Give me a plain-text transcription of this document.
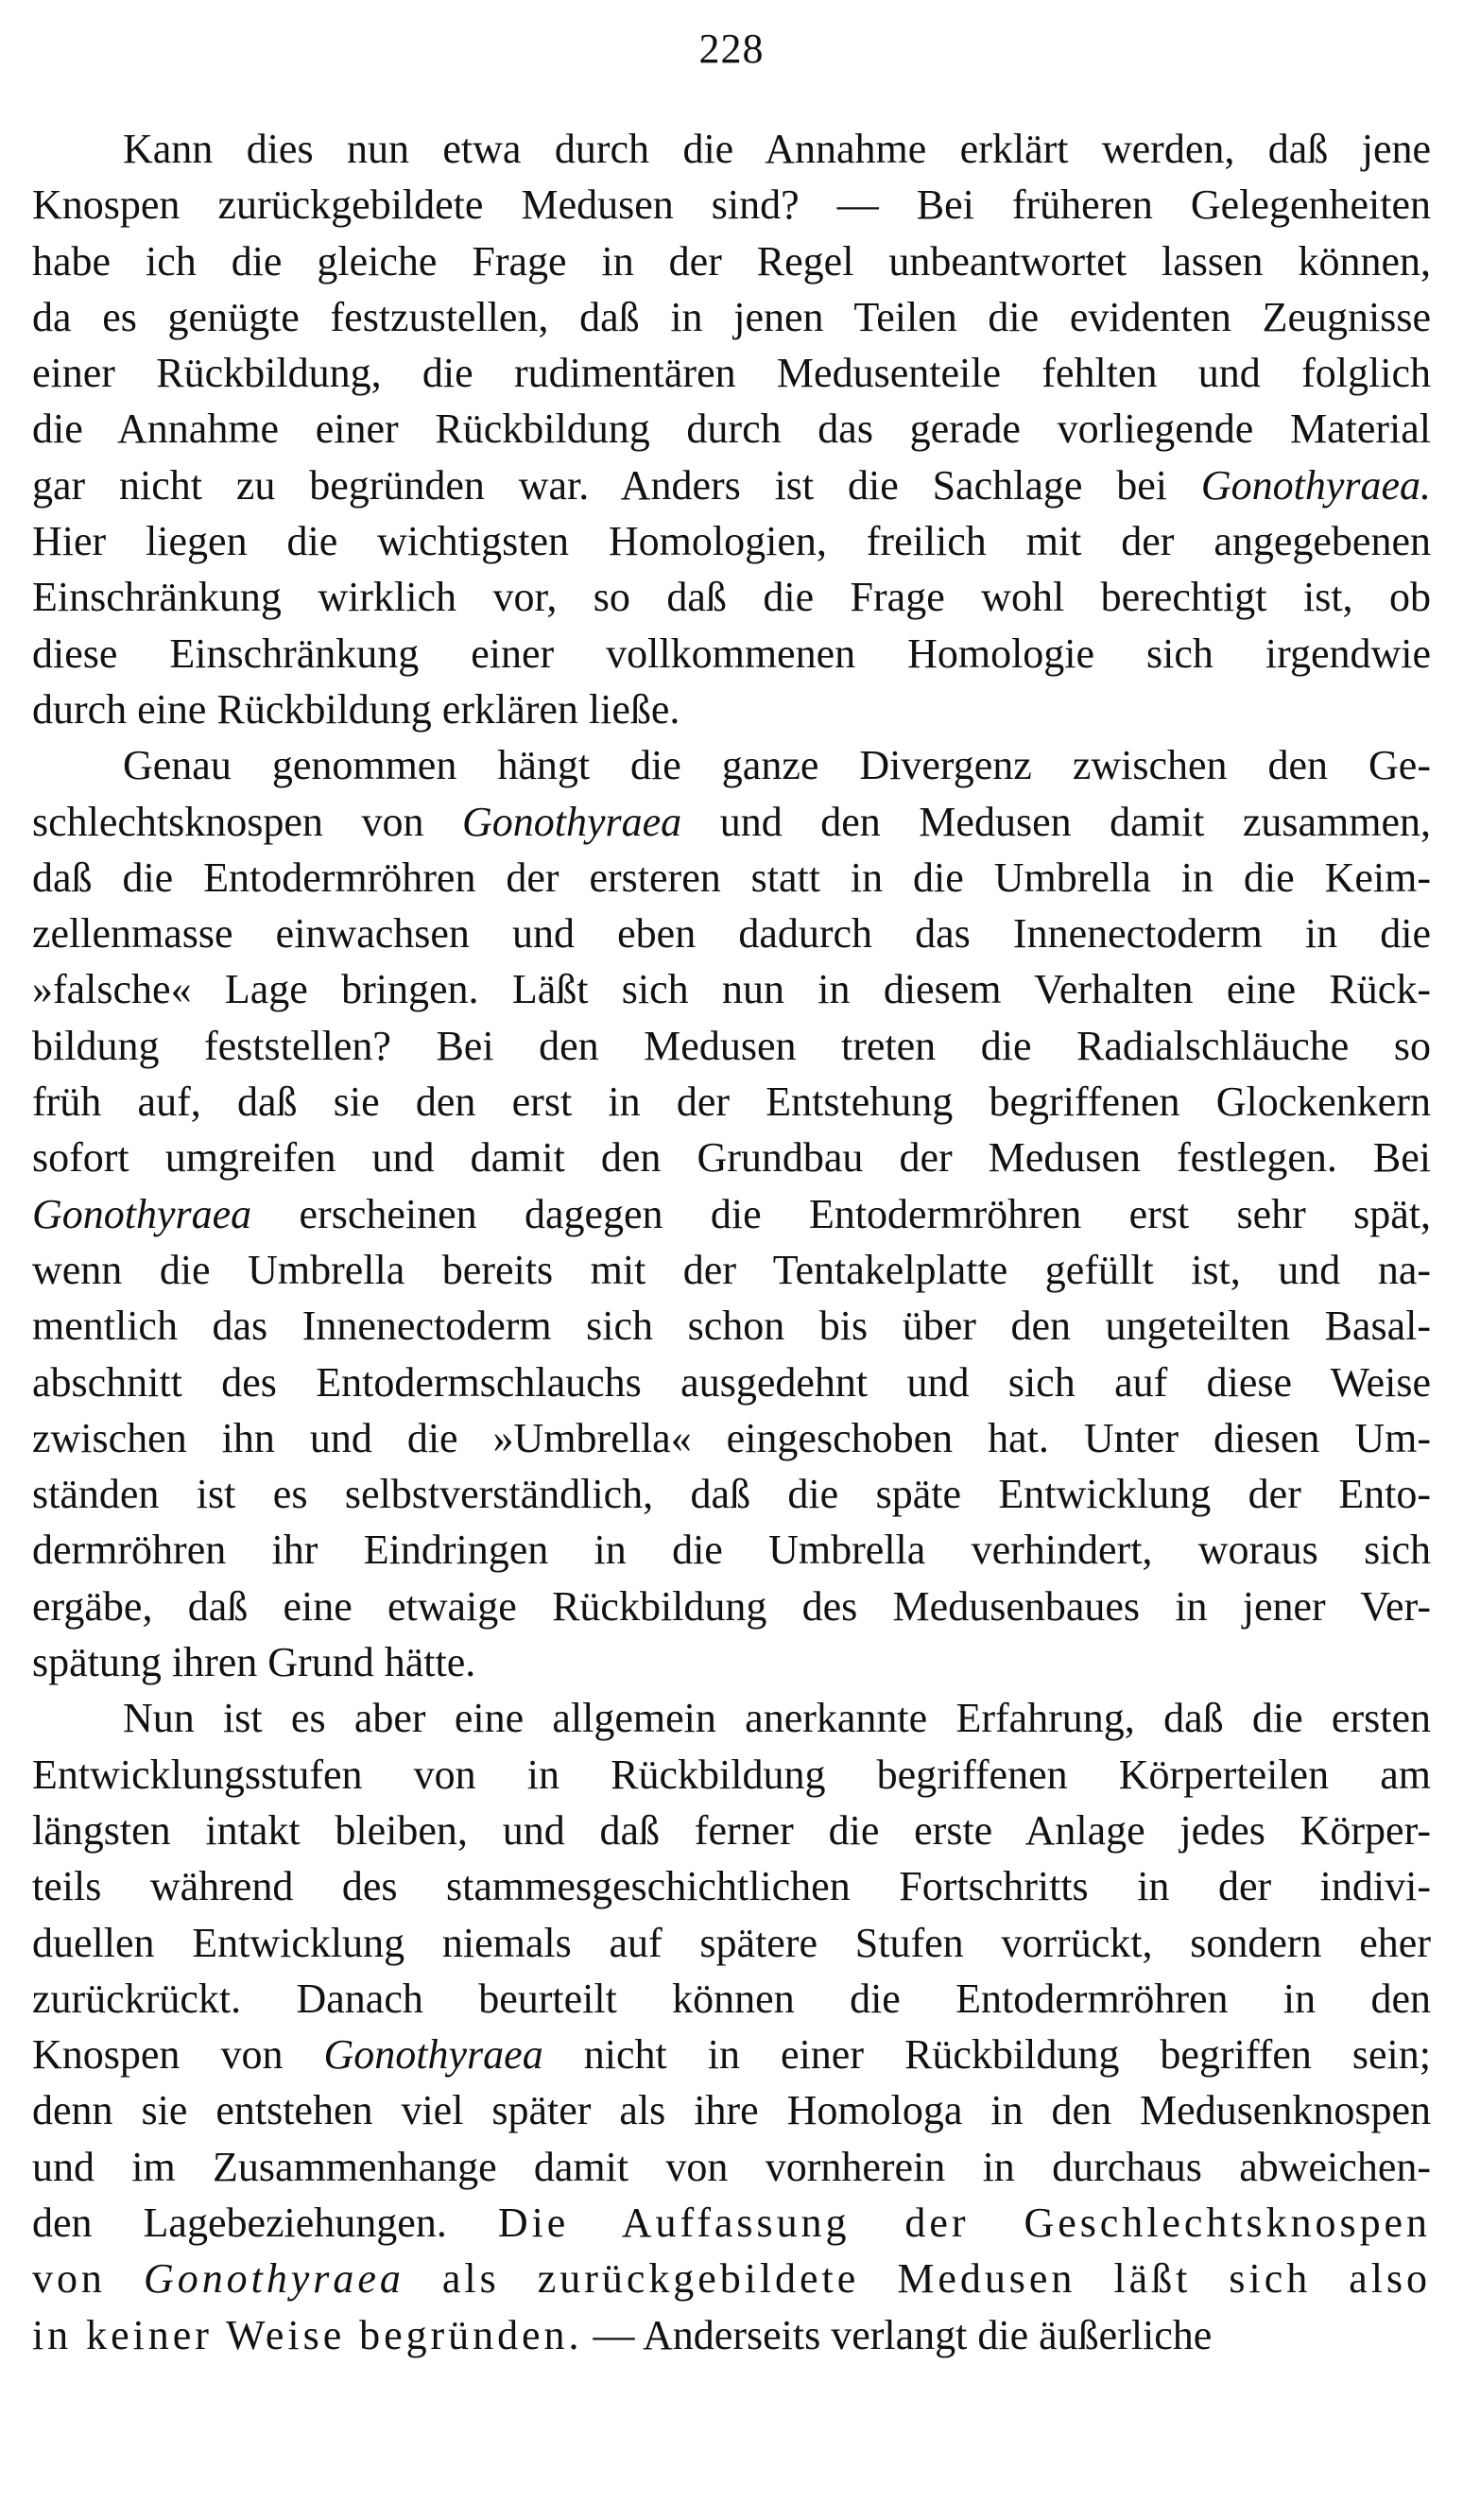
228
Kann dies nun etwa durch die Annahme erklärt werden, daß jene
Knospen zurückgebildete Medusen sind? — Bei früheren Gelegenheiten
habe ich die gleiche Frage in der Regel unbeantwortet lassen können,
da es genügte festzustellen, daß in jenen Teilen die evidenten Zeugnisse
einer Rückbildung, die rudimentären Medusenteile fehlten und folglich
die Annahme einer Rückbildung durch das gerade vorliegende Material
gar nicht zu begründen war. Anders ist die Sachlage bei Gonothyraea.
Hier liegen die wichtigsten Homologien, freilich mit der angegebenen
Einschränkung wirklich vor, so daß die Frage wohl berechtigt ist, ob
diese Einschränkung einer vollkommenen Homologie sich irgendwie
durch eine Rückbildung erklären ließe.
Genau genommen hängt die ganze Divergenz zwischen den Ge-
schlechtsknospen von Gonothyraea und den Medusen damit zusammen,
daß die Entodermröhren der ersteren statt in die Umbrella in die Keim-
zellenmasse einwachsen und eben dadurch das Innenectoderm in die
»falsche« Lage bringen. Läßt sich nun in diesem Verhalten eine Rück-
bildung feststellen? Bei den Medusen treten die Radialschläuche so
früh auf, daß sie den erst in der Entstehung begriffenen Glockenkern
sofort umgreifen und damit den Grundbau der Medusen festlegen. Bei
Gonothyraea erscheinen dagegen die Entodermröhren erst sehr spät,
wenn die Umbrella bereits mit der Tentakelplatte gefüllt ist, und na-
mentlich das Innenectoderm sich schon bis über den ungeteilten Basal-
abschnitt des Entodermschlauchs ausgedehnt und sich auf diese Weise
zwischen ihn und die »Umbrella« eingeschoben hat. Unter diesen Um-
ständen ist es selbstverständlich, daß die späte Entwicklung der Ento-
dermröhren ihr Eindringen in die Umbrella verhindert, woraus sich
ergäbe, daß eine etwaige Rückbildung des Medusenbaues in jener Ver-
spätung ihren Grund hätte.
Nun ist es aber eine allgemein anerkannte Erfahrung, daß die ersten
Entwicklungsstufen von in Rückbildung begriffenen Körperteilen am
längsten intakt bleiben, und daß ferner die erste Anlage jedes Körper-
teils während des stammesgeschichtlichen Fortschritts in der indivi-
duellen Entwicklung niemals auf spätere Stufen vorrückt, sondern eher
zurückrückt. Danach beurteilt können die Entodermröhren in den
Knospen von Gonothyraea nicht in einer Rückbildung begriffen sein;
denn sie entstehen viel später als ihre Homologa in den Medusenknospen
und im Zusammenhange damit von vornherein in durchaus abweichen-
den Lagebeziehungen. Die Auffassung der Geschlechtsknospen
von Gonothyraea als zurückgebildete Medusen läßt sich also
in keiner Weise begründen. — Anderseits verlangt die äußerliche
